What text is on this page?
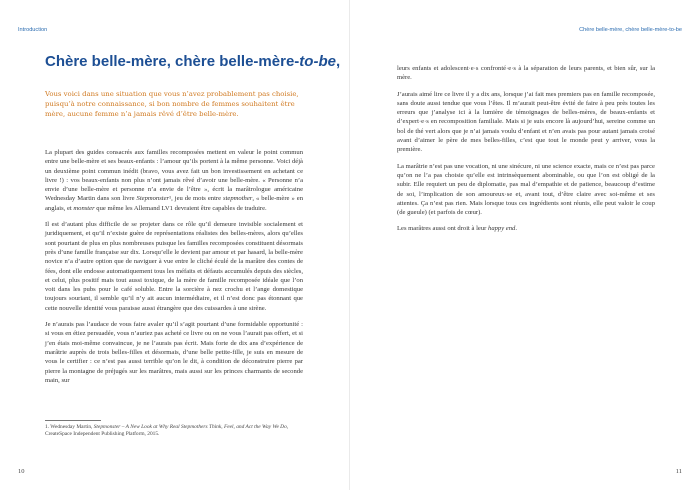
Introduction
Chère belle-mère, chère belle-mère-to-be,

Vous voici dans une situation que vous n’avez probablement pas choisie, puisqu’à notre connaissance, si bon nombre de femmes souhaitent être mère, aucune femme n’a jamais rêvé d’être belle-mère.

La plupart des guides consacrés aux familles recomposées mettent en valeur le point commun entre une belle-mère et ses beaux-enfants : l’amour qu’ils portent à la même personne. Voici déjà un deuxième point commun inédit (bravo, vous avez fait un bon investissement en achetant ce livre !) : vos beaux-enfants non plus n’ont jamais rêvé d’avoir une belle-mère. « Personne n’a envie d’une belle-mère et personne n’a envie de l’être », écrit la marâtrologue américaine Wednesday Martin dans son livre Stepmonster¹, jeu de mots entre stepmother, « belle-mère » en anglais, et monster que même les Allemand LV1 devraient être capables de traduire.

Il est d’autant plus difficile de se projeter dans ce rôle qu’il demeure invisible socialement et juridiquement, et qu’il n’existe guère de représentations réalistes des belles-mères, alors qu’elles sont pourtant de plus en plus nombreuses puisque les familles recomposées constituent désormais près d’une famille française sur dix. Lorsqu’elle le devient par amour et par hasard, la belle-mère novice n’a d’autre option que de naviguer à vue entre le cliché éculé de la marâtre des contes de fées, dont elle endosse automatiquement tous les méfaits et défauts accumulés depuis des siècles, et celui, plus positif mais tout aussi toxique, de la mère de famille recomposée idéale que l’on voit dans les pubs pour le café soluble. Entre la sorcière à nez crochu et l’ange domestique toujours souriant, il semble qu’il n’y ait aucun intermédiaire, et il n’est donc pas étonnant que cette nouvelle identité vous paraisse aussi étrangère que des cuissardes à une sirène.

Je n’aurais pas l’audace de vous faire avaler qu’il s’agit pourtant d’une formidable opportunité : si vous en étiez persuadée, vous n’auriez pas acheté ce livre ou on ne vous l’aurait pas offert, et si j’en étais moi-même convaincue, je ne l’aurais pas écrit. Mais forte de dix ans d’expérience de marâtrie auprès de trois belles-filles et désormais, d’une belle petite-fille, je suis en mesure de vous le certifier : ce n’est pas aussi terrible qu’on le dit, à condition de déconstruire pierre par pierre la montagne de préjugés sur les marâtres, mais aussi sur les princes charmants de seconde main, sur

1. Wednesday Martin, Stepmonster – A New Look at Why Real Stepmothers Think, Feel, and Act the Way We Do, CreateSpace Independent Publishing Platform, 2015.

10
Chère belle-mère, chère belle-mère-to-be

leurs enfants et adolescent·e·s confronté·e·s à la séparation de leurs parents, et bien sûr, sur la mère.

J’aurais aimé lire ce livre il y a dix ans, lorsque j’ai fait mes premiers pas en famille recomposée, sans doute aussi tendue que vous l’êtes. Il m’aurait peut-être évité de faire à peu près toutes les erreurs que j’analyse ici à la lumière de témoignages de belles-mères, de beaux-enfants et d’expert·e·s en recomposition familiale. Mais si je suis encore là aujourd’hui, sereine comme un bol de thé vert alors que je n’ai jamais voulu d’enfant et n’en avais pas pour autant jamais croisé avant d’aimer le père de mes belles-filles, c’est que tout le monde peut y arriver, vous la première.

La marâtrie n’est pas une vocation, ni une sinécure, ni une science exacte, mais ce n’est pas parce qu’on ne l’a pas choisie qu’elle est intrinsèquement abominable, ou que l’on est obligé de la subir. Elle requiert un peu de diplomatie, pas mal d’empathie et de patience, beaucoup d’estime de soi, l’implication de son amoureux·se et, avant tout, d’être claire avec soi-même et ses attentes. Ça n’est pas rien. Mais lorsque tous ces ingrédients sont réunis, elle peut valoir le coup (de gueule) (et parfois de cœur).

Les marâtres aussi ont droit à leur happy end.

11
